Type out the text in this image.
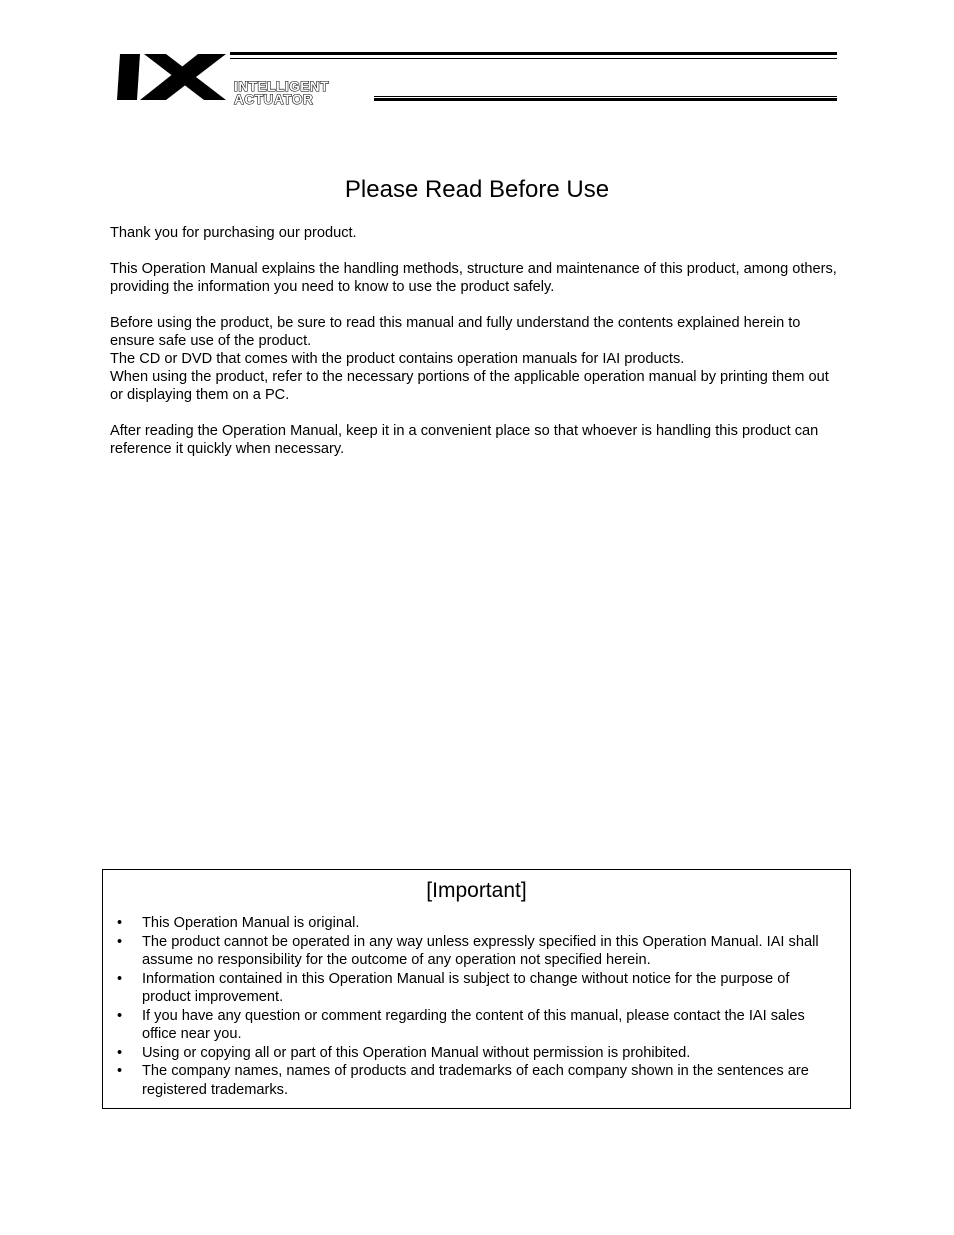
INTELLIGENT
ACTUATOR
Please Read Before Use

Thank you for purchasing our product.

This Operation Manual explains the handling methods, structure and maintenance of this product, among others, providing the information you need to know to use the product safely.

Before using the product, be sure to read this manual and fully understand the contents explained herein to ensure safe use of the product.

The CD or DVD that comes with the product contains operation manuals for IAI products.

When using the product, refer to the necessary portions of the applicable operation manual by printing them out or displaying them on a PC.

After reading the Operation Manual, keep it in a convenient place so that whoever is handling this product can reference it quickly when necessary.

[Important]
• This Operation Manual is original.
• The product cannot be operated in any way unless expressly specified in this Operation Manual. IAI shall assume no responsibility for the outcome of any operation not specified herein.
• Information contained in this Operation Manual is subject to change without notice for the purpose of product improvement.
• If you have any question or comment regarding the content of this manual, please contact the IAI sales office near you.
• Using or copying all or part of this Operation Manual without permission is prohibited.
• The company names, names of products and trademarks of each company shown in the sentences are registered trademarks.
